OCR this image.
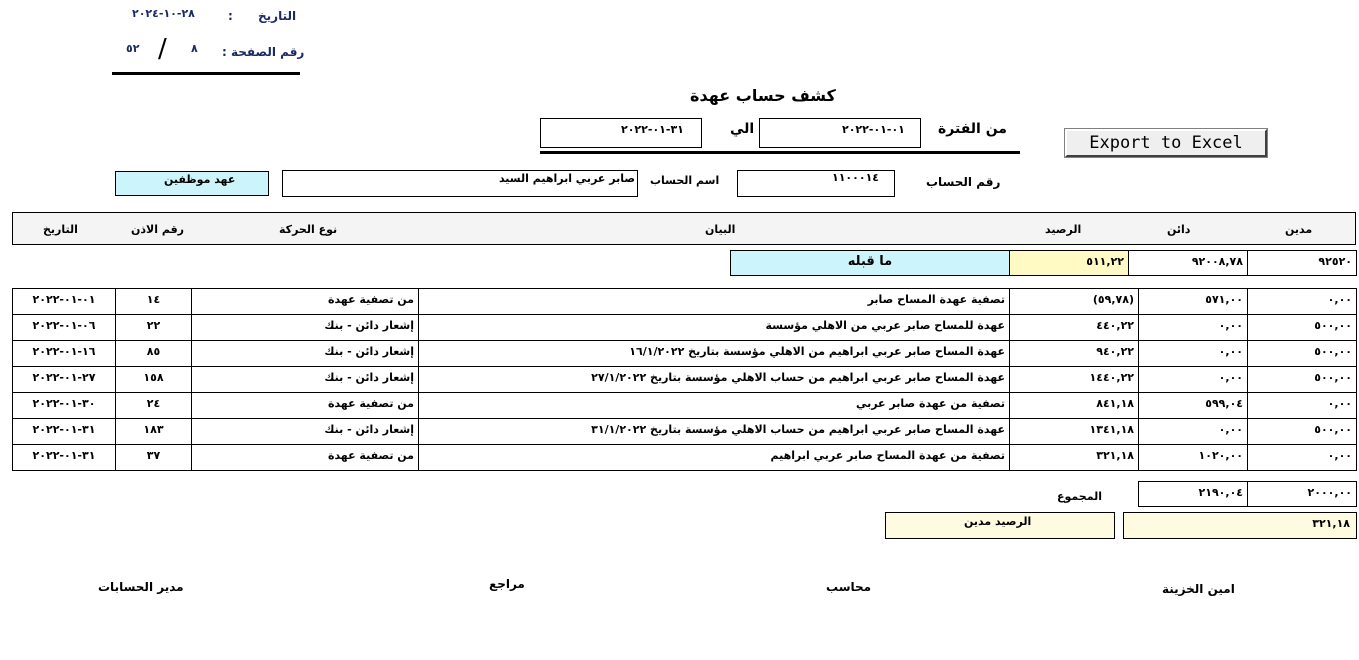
التاريخ
:
٢٨-١٠-٢٠٢٤
رقم الصفحة :
٨
/
٥٢
كشف حساب عهدة
من الفترة
٠١-٠١-٢٠٢٢
الي
٣١-٠١-٢٠٢٢
Export to Excel
رقم الحساب
١١٠٠٠١٤
اسم الحساب
صابر عربي ابراهيم السيد
عهد موظفين
مدين
دائن
الرصيد
البيان
نوع الحركة
رقم الاذن
التاريخ
٩٢٥٢٠
٩٢٠٠٨,٧٨
٥١١,٢٢
ما قبله
٠,٠٠
٥٧١,٠٠
(٥٩,٧٨)
تصفية عهدة المساح صابر
من تصفية عهدة
١٤
٠١-٠١-٢٠٢٢
٥٠٠,٠٠
٠,٠٠
٤٤٠,٢٢
عهدة للمساح صابر عربي من الاهلي مؤسسة
إشعار دائن - بنك
٢٢
٠٦-٠١-٢٠٢٢
٥٠٠,٠٠
٠,٠٠
٩٤٠,٢٢
عهدة المساح صابر عربي ابراهيم من الاهلي مؤسسة بتاريخ ١٦/١/٢٠٢٢
إشعار دائن - بنك
٨٥
١٦-٠١-٢٠٢٢
٥٠٠,٠٠
٠,٠٠
١٤٤٠,٢٢
عهدة المساح صابر عربي ابراهيم من حساب الاهلي مؤسسة بتاريخ ٢٧/١/٢٠٢٢
إشعار دائن - بنك
١٥٨
٢٧-٠١-٢٠٢٢
٠,٠٠
٥٩٩,٠٤
٨٤١,١٨
تصفية من عهدة صابر عربي
من تصفية عهدة
٢٤
٣٠-٠١-٢٠٢٢
٥٠٠,٠٠
٠,٠٠
١٣٤١,١٨
عهدة المساح صابر عربي ابراهيم من حساب الاهلي مؤسسة بتاريخ ٣١/١/٢٠٢٢
إشعار دائن - بنك
١٨٣
٣١-٠١-٢٠٢٢
٠,٠٠
١٠٢٠,٠٠
٣٢١,١٨
تصفية من عهدة المساح صابر عربي ابراهيم
من تصفية عهدة
٣٧
٣١-٠١-٢٠٢٢
المجموع	٢٠٠٠,٠٠
٢١٩٠,٠٤
٣٢١,١٨
الرصيد مدين
امين الخزينة
محاسب
مراجع
مدير الحسابات
